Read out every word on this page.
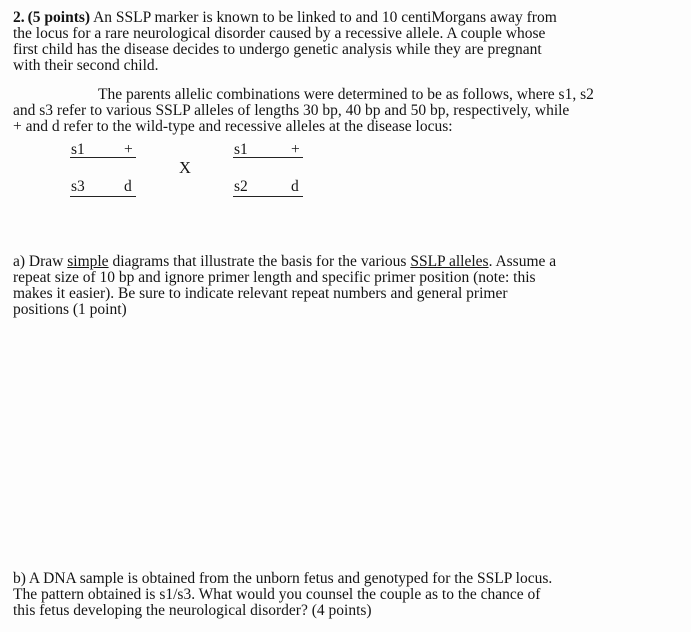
2. (5 points) An SSLP marker is known to be linked to and 10 centiMorgans away from
the locus for a rare neurological disorder caused by a recessive allele. A couple whose
first child has the disease decides to undergo genetic analysis while they are pregnant
with their second child.
The parents allelic combinations were determined to be as follows, where s1, s2
and s3 refer to various SSLP alleles of lengths 30 bp, 40 bp and 50 bp, respectively, while
+ and d refer to the wild-type and recessive alleles at the disease locus:
s1	+
s3	d
X
s1	+
s2	d
a) Draw simple diagrams that illustrate the basis for the various SSLP alleles. Assume a
repeat size of 10 bp and ignore primer length and specific primer position (note: this
makes it easier). Be sure to indicate relevant repeat numbers and general primer
positions (1 point)
b) A DNA sample is obtained from the unborn fetus and genotyped for the SSLP locus.
The pattern obtained is s1/s3. What would you counsel the couple as to the chance of
this fetus developing the neurological disorder? (4 points)
